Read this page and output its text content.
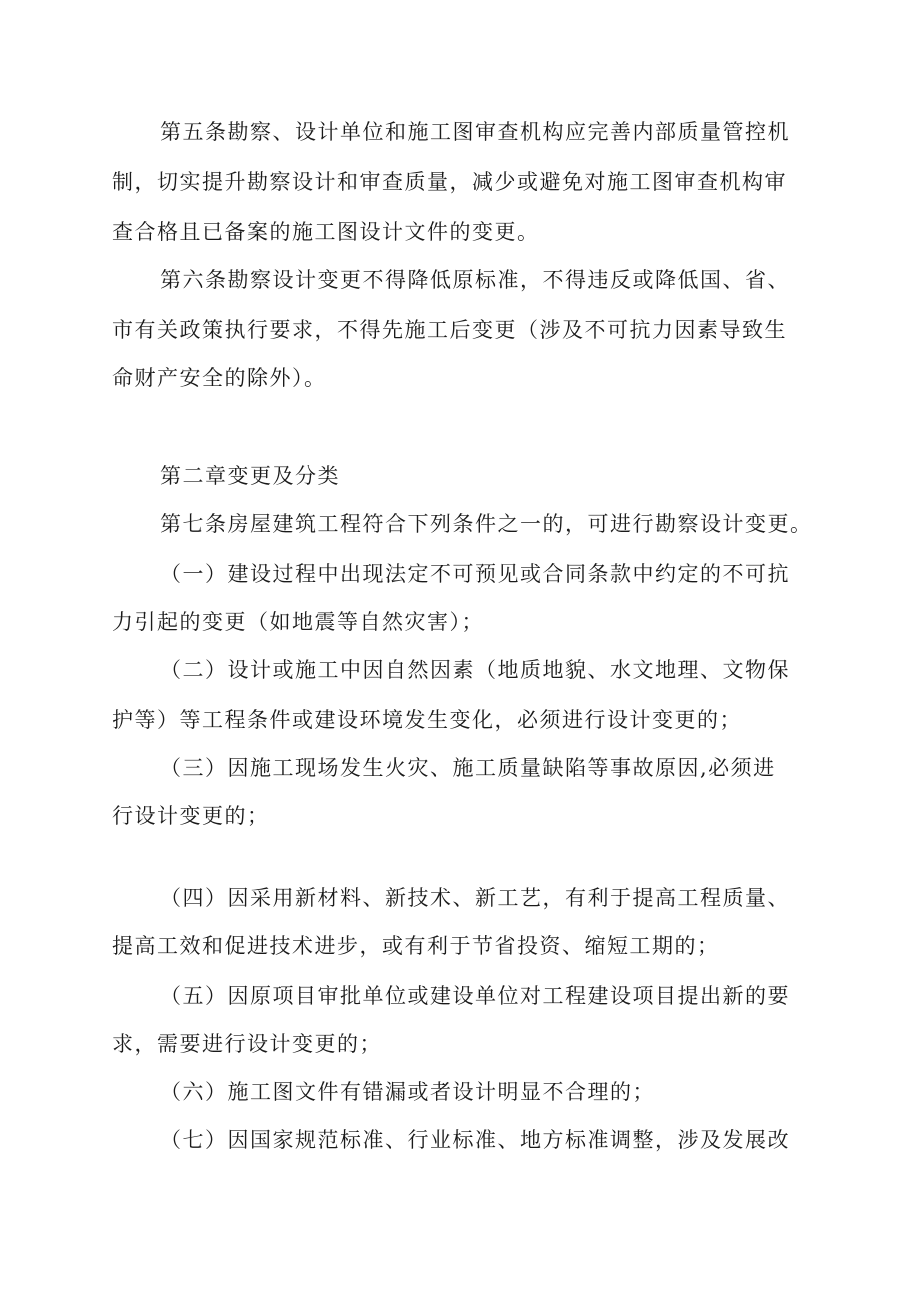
第五条勘察、设计单位和施工图审查机构应完善内部质量管控机
制，切实提升勘察设计和审查质量，减少或避免对施工图审查机构审
查合格且已备案的施工图设计文件的变更。
第六条勘察设计变更不得降低原标准，不得违反或降低国、省、
市有关政策执行要求，不得先施工后变更（涉及不可抗力因素导致生
命财产安全的除外）。
第二章变更及分类
第七条房屋建筑工程符合下列条件之一的，可进行勘察设计变更。
（一）建设过程中出现法定不可预见或合同条款中约定的不可抗
力引起的变更（如地震等自然灾害）；
（二）设计或施工中因自然因素（地质地貌、水文地理、文物保
护等）等工程条件或建设环境发生变化，必须进行设计变更的；
（三）因施工现场发生火灾、施工质量缺陷等事故原因,必须进
行设计变更的；
（四）因采用新材料、新技术、新工艺，有利于提高工程质量、
提高工效和促进技术进步，或有利于节省投资、缩短工期的；
（五）因原项目审批单位或建设单位对工程建设项目提出新的要
求，需要进行设计变更的；
（六）施工图文件有错漏或者设计明显不合理的；
（七）因国家规范标准、行业标准、地方标准调整，涉及发展改
